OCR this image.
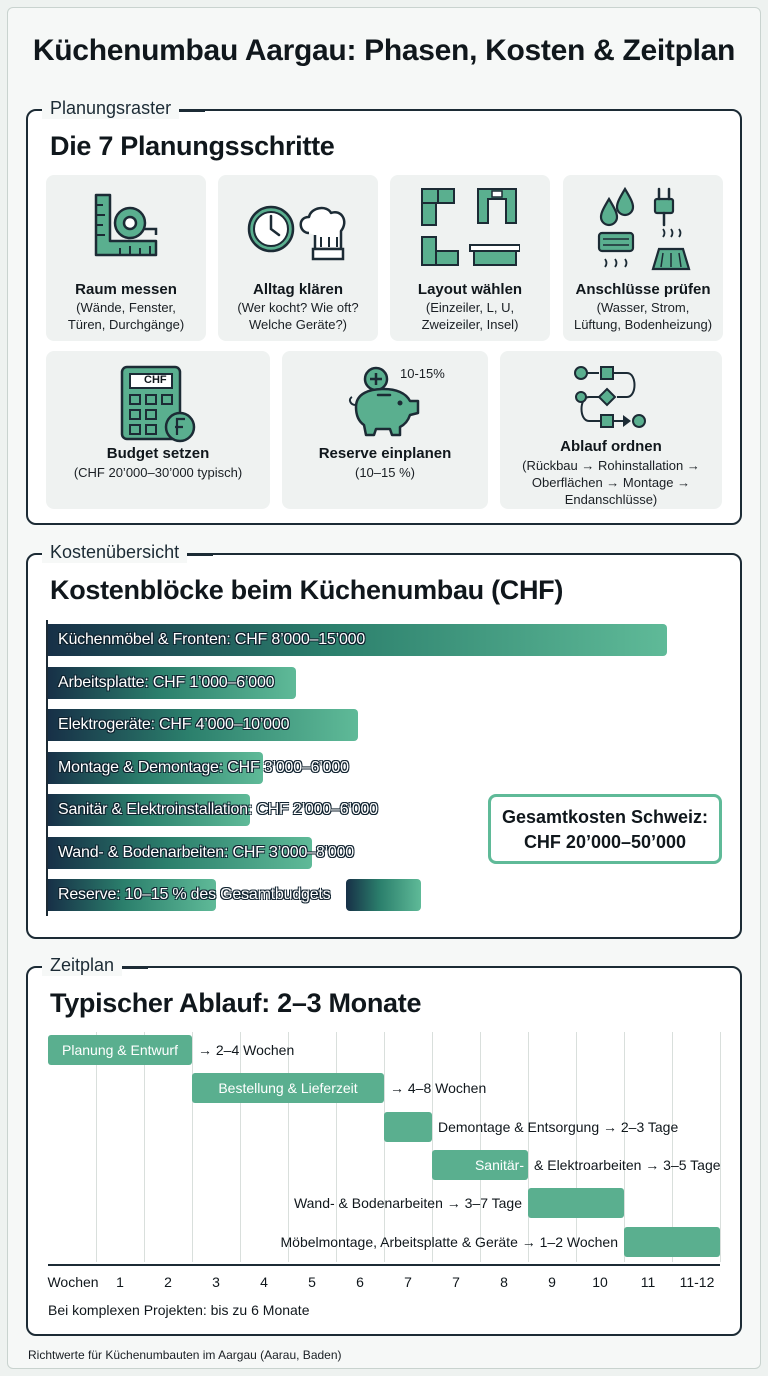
Küchenumbau Aargau: Phasen, Kosten & Zeitplan
Planungsraster
Die 7 Planungsschritte
Raum messen
(Wände, Fenster,
Türen, Durchgänge)
Alltag klären
(Wer kocht? Wie oft?
Welche Geräte?)
Layout wählen
(Einzeiler, L, U,
Zweizeiler, Insel)
Anschlüsse prüfen
(Wasser, Strom,
Lüftung, Bodenheizung)
CHF
Budget setzen
(CHF 20’000–30’000 typisch)
10-15%
Reserve einplanen
(10–15 %)
Ablauf ordnen
(Rückbau → Rohinstallation →
Oberflächen → Montage →
Endanschlüsse)
Kostenübersicht
Kostenblöcke beim Küchenumbau (CHF)
Küchenmöbel & Fronten: CHF 8’000–15’000
Arbeitsplatte: CHF 1’000–6’000
Elektrogeräte: CHF 4’000–10’000
Montage & Demontage: CHF 3’000–6’000
Sanitär & Elektroinstallation: CHF 2’000–6’000
Wand- & Bodenarbeiten: CHF 3’000–8’000
Reserve: 10–15 % des Gesamtbudgets
Gesamtkosten Schweiz:
CHF 20’000–50’000
Zeitplan
Typischer Ablauf: 2–3 Monate
Planung & Entwurf	→ 2–4 Wochen
Bestellung & Lieferzeit	→ 4–8 Wochen
Demontage & Entsorgung → 2–3 Tage
Sanitär- & Elektroarbeiten → 3–5 Tage
Wand- & Bodenarbeiten → 3–7 Tage
Möbelmontage, Arbeitsplatte & Geräte → 1–2 Wochen
Wochen 1	2	3	4	5	6	7	7	8	9	10 11 11-12
Bei komplexen Projekten: bis zu 6 Monate
Richtwerte für Küchenumbauten im Aargau (Aarau, Baden)
